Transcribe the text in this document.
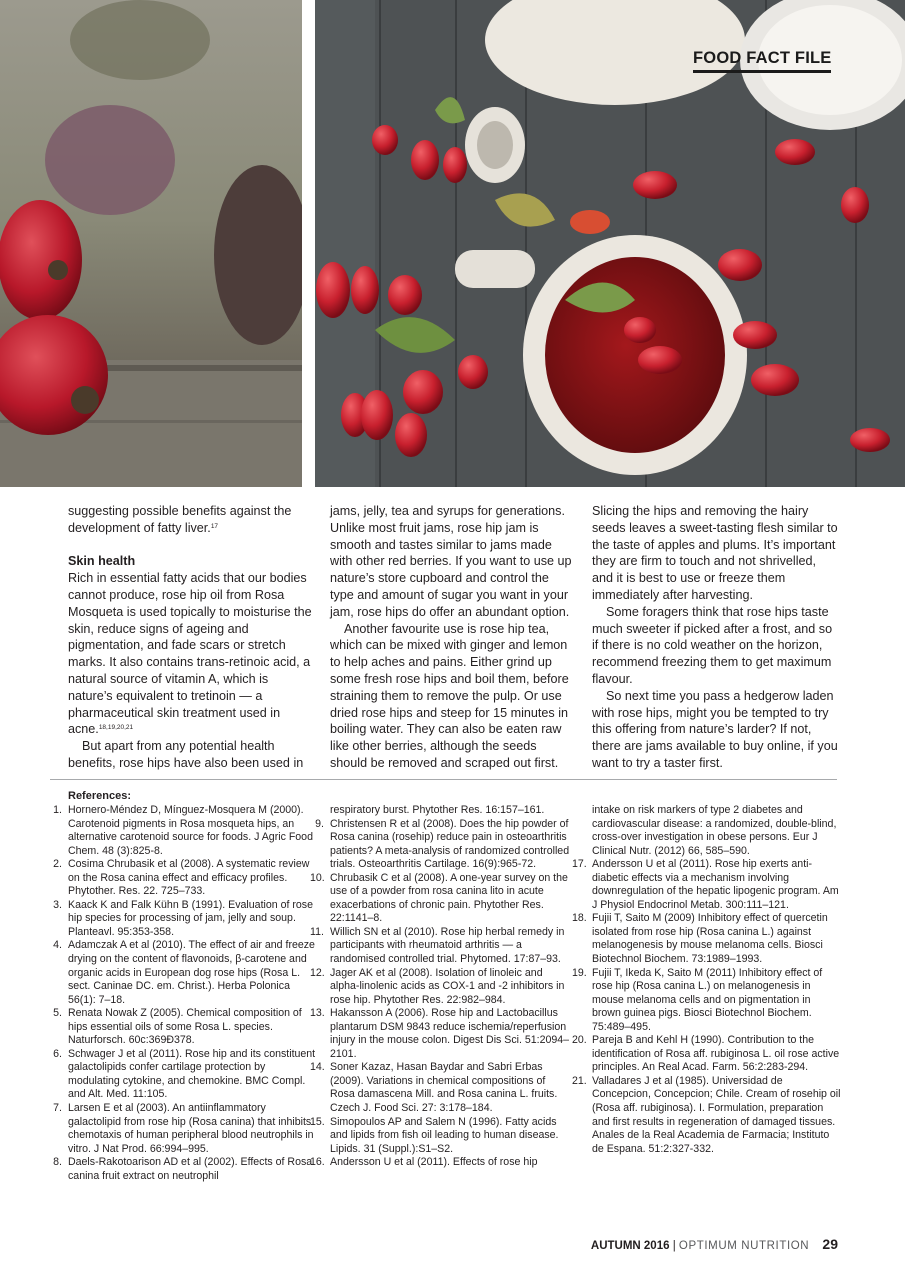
FOOD FACT FILE

suggesting possible benefits against the development of fatty liver.$^{17}$

Skin health

Rich in essential fatty acids that our bodies cannot produce, rose hip oil from Rosa Mosqueta is used topically to moisturise the skin, reduce signs of ageing and pigmentation, and fade scars or stretch marks. It also contains trans-retinoic acid, a natural source of vitamin A, which is nature’s equivalent to tretinoin — a pharmaceutical skin treatment used in acne.$^{18,19,20,21}$

But apart from any potential health benefits, rose hips have also been used in

jams, jelly, tea and syrups for generations. Unlike most fruit jams, rose hip jam is smooth and tastes similar to jams made with other red berries. If you want to use up nature’s store cupboard and control the type and amount of sugar you want in your jam, rose hips do offer an abundant option.

Another favourite use is rose hip tea, which can be mixed with ginger and lemon to help aches and pains. Either grind up some fresh rose hips and boil them, before straining them to remove the pulp. Or use dried rose hips and steep for 15 minutes in boiling water. They can also be eaten raw like other berries, although the seeds should be removed and scraped out first.

Slicing the hips and removing the hairy seeds leaves a sweet-tasting flesh similar to the taste of apples and plums. It’s important they are firm to touch and not shrivelled, and it is best to use or freeze them immediately after harvesting.

Some foragers think that rose hips taste much sweeter if picked after a frost, and so if there is no cold weather on the horizon, recommend freezing them to get maximum flavour.

So next time you pass a hedgerow laden with rose hips, might you be tempted to try this offering from nature’s larder? If not, there are jams available to buy online, if you want to try a taster first.

References:
1. Hornero-Méndez D, Mínguez-Mosquera M (2000). Carotenoid pigments in Rosa mosqueta hips, an alternative carotenoid source for foods. J Agric Food Chem. 48 (3):825-8.
2. Cosima Chrubasik et al (2008). A systematic review on the Rosa canina effect and efficacy profiles. Phytother. Res. 22. 725–733.
3. Kaack K and Falk Kühn B (1991). Evaluation of rose hip species for processing of jam, jelly and soup. Planteavl. 95:353-358.
4. Adamczak A et al (2010). The effect of air and freeze drying on the content of flavonoids, β-carotene and organic acids in European dog rose hips (Rosa L. sect. Caninae DC. em. Christ.). Herba Polonica 56(1): 7–18.
5. Renata Nowak Z (2005). Chemical composition of hips essential oils of some Rosa L. species. Naturforsch. 60c:369Ð378.
6. Schwager J et al (2011). Rose hip and its constituent galactolipids confer cartilage protection by modulating cytokine, and chemokine. BMC Compl. and Alt. Med. 11:105.
7. Larsen E et al (2003). An antiinflammatory galactolipid from rose hip (Rosa canina) that inhibits chemotaxis of human peripheral blood neutrophils in vitro. J Nat Prod. 66:994–995.
8. Daels-Rakotoarison AD et al (2002). Effects of Rosa canina fruit extract on neutrophil
respiratory burst. Phytother Res. 16:157–161.
9. Christensen R et al (2008). Does the hip powder of Rosa canina (rosehip) reduce pain in osteoarthritis patients? A meta-analysis of randomized controlled trials. Osteoarthritis Cartilage. 16(9):965-72.
10. Chrubasik C et al (2008). A one-year survey on the use of a powder from rosa canina lito in acute exacerbations of chronic pain. Phytother Res. 22:1141–8.
11. Willich SN et al (2010). Rose hip herbal remedy in participants with rheumatoid arthritis — a randomised controlled trial. Phytomed. 17:87–93.
12. Jager AK et al (2008). Isolation of linoleic and alpha-linolenic acids as COX-1 and -2 inhibitors in rose hip. Phytother Res. 22:982–984.
13. Hakansson A (2006). Rose hip and Lactobacillus plantarum DSM 9843 reduce ischemia/reperfusion injury in the mouse colon. Digest Dis Sci. 51:2094–2101.
14. Soner Kazaz, Hasan Baydar and Sabri Erbas (2009). Variations in chemical compositions of Rosa damascena Mill. and Rosa canina L. fruits. Czech J. Food Sci. 27: 3:178–184.
15. Simopoulos AP and Salem N (1996). Fatty acids and lipids from fish oil leading to human disease. Lipids. 31 (Suppl.):S1–S2.
16. Andersson U et al (2011). Effects of rose hip
intake on risk markers of type 2 diabetes and cardiovascular disease: a randomized, double-blind, cross-over investigation in obese persons. Eur J Clinical Nutr. (2012) 66, 585–590.
17. Andersson U et al (2011). Rose hip exerts anti-diabetic effects via a mechanism involving downregulation of the hepatic lipogenic program. Am J Physiol Endocrinol Metab. 300:111–121.
18. Fujii T, Saito M (2009) Inhibitory effect of quercetin isolated from rose hip (Rosa canina L.) against melanogenesis by mouse melanoma cells. Biosci Biotechnol Biochem. 73:1989–1993.
19. Fujii T, Ikeda K, Saito M (2011) Inhibitory effect of rose hip (Rosa canina L.) on melanogenesis in mouse melanoma cells and on pigmentation in brown guinea pigs. Biosci Biotechnol Biochem. 75:489–495.
20. Pareja B and Kehl H (1990). Contribution to the identification of Rosa aff. rubiginosa L. oil rose active principles. An Real Acad. Farm. 56:2:283-294.
21. Valladares J et al (1985). Universidad de Concepcion, Concepcion; Chile. Cream of rosehip oil (Rosa aff. rubiginosa). I. Formulation, preparation and first results in regeneration of damaged tissues. Anales de la Real Academia de Farmacia; Instituto de Espana. 51:2:327-332.
AUTUMN 2016 | OPTIMUM NUTRITION 29
